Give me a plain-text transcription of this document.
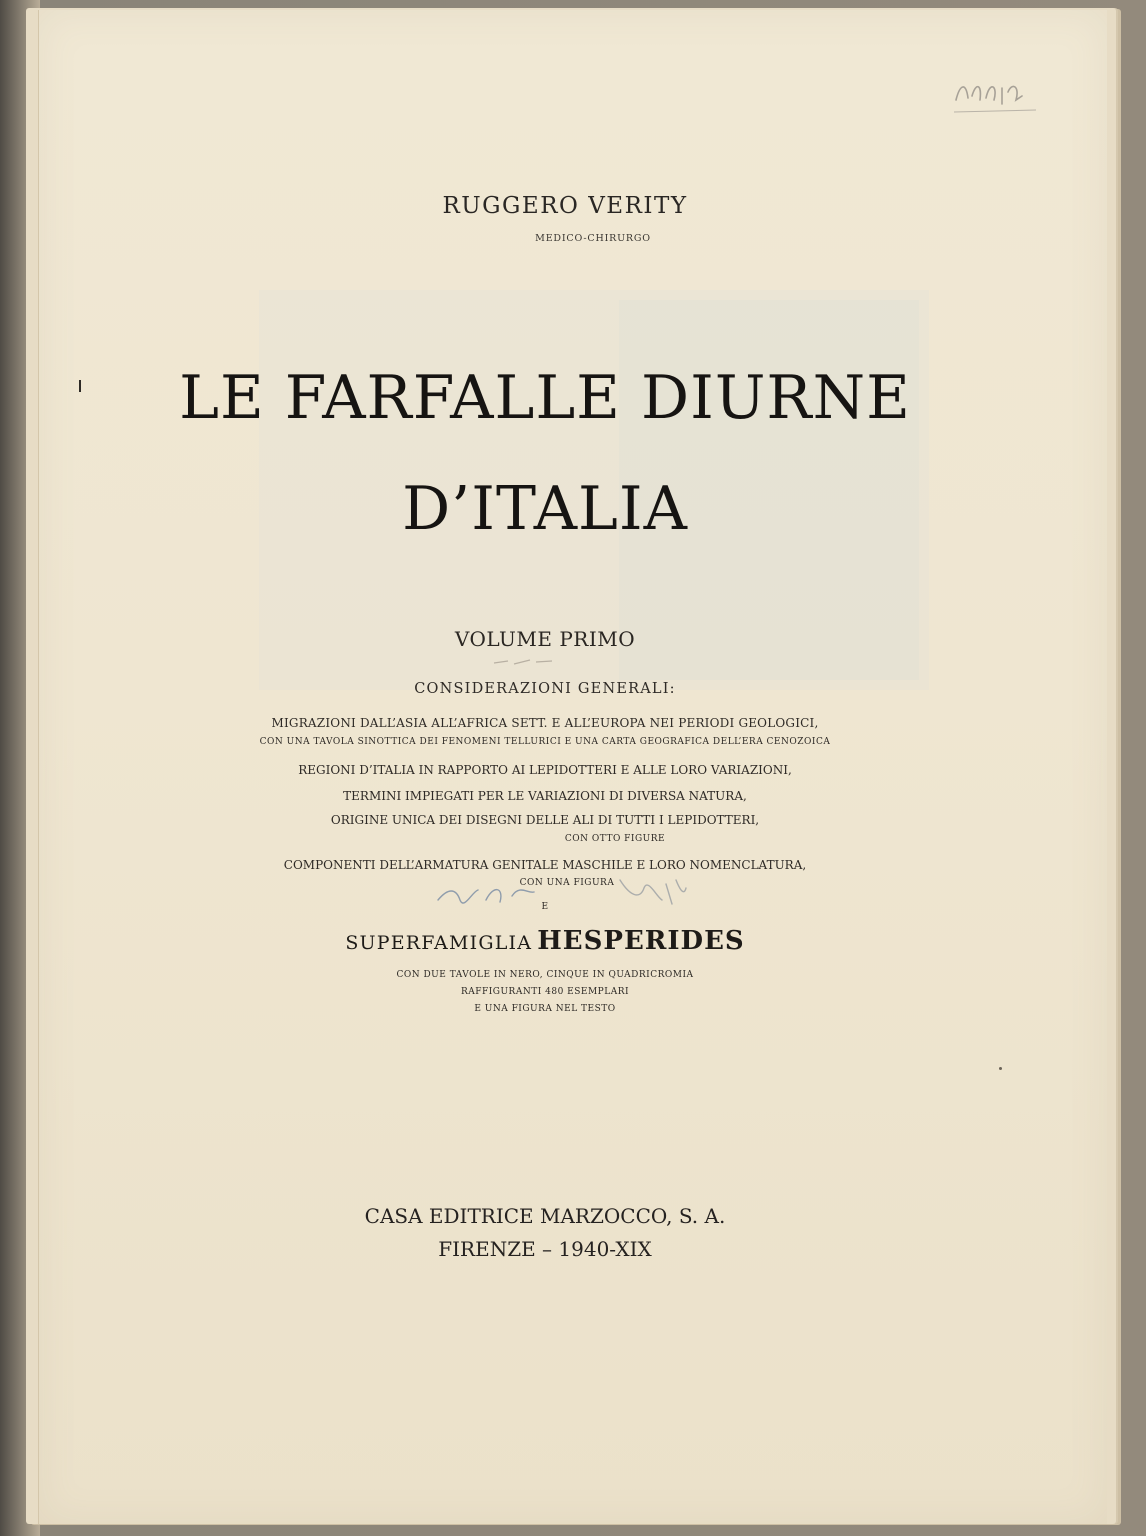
RUGGERO VERITY
MEDICO-CHIRURGO
LE FARFALLE DIURNE
D’ITALIA
VOLUME PRIMO
CONSIDERAZIONI GENERALI:
MIGRAZIONI DALL’ASIA ALL’AFRICA SETT. E ALL’EUROPA NEI PERIODI GEOLOGICI,
CON UNA TAVOLA SINOTTICA DEI FENOMENI TELLURICI E UNA CARTA GEOGRAFICA DELL’ERA CENOZOICA
REGIONI D’ITALIA IN RAPPORTO AI LEPIDOTTERI E ALLE LORO VARIAZIONI,
TERMINI IMPIEGATI PER LE VARIAZIONI DI DIVERSA NATURA,
ORIGINE UNICA DEI DISEGNI DELLE ALI DI TUTTI I LEPIDOTTERI,
CON OTTO FIGURE
COMPONENTI DELL’ARMATURA GENITALE MASCHILE E LORO NOMENCLATURA,
CON UNA FIGURA
E
SUPERFAMIGLIA HESPERIDES
CON DUE TAVOLE IN NERO, CINQUE IN QUADRICROMIA
RAFFIGURANTI 480 ESEMPLARI
E UNA FIGURA NEL TESTO
CASA EDITRICE MARZOCCO, S. A.
FIRENZE – 1940-XIX
